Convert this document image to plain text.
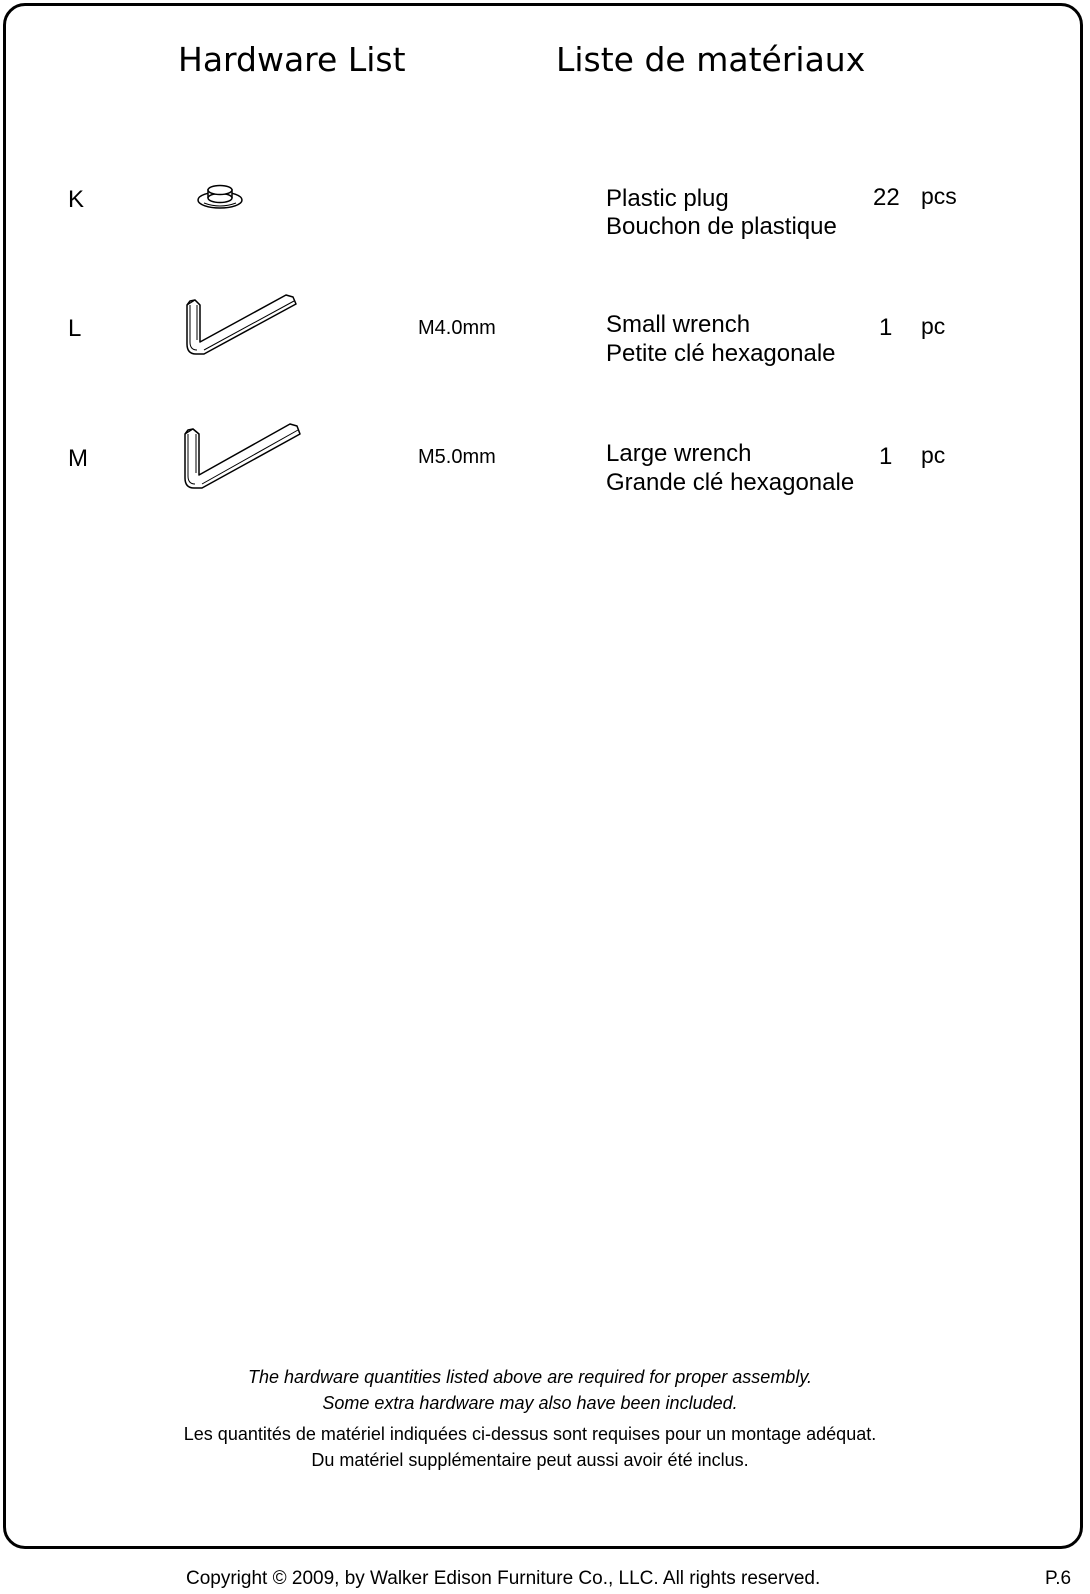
Hardware List	Liste de matériaux
K	Plastic plug
Bouchon de plastique
22 pcs
L	M4.0mm	Small wrench
Petite clé hexagonale
1 pc
M	M5.0mm	Large wrench
Grande clé hexagonale
1 pc
The hardware quantities listed above are required for proper assembly.
Some extra hardware may also have been included.
Les quantités de matériel indiquées ci-dessus sont requises pour un montage adéquat.
Du matériel supplémentaire peut aussi avoir été inclus.
Copyright © 2009, by Walker Edison Furniture Co., LLC. All rights reserved.	P.6
